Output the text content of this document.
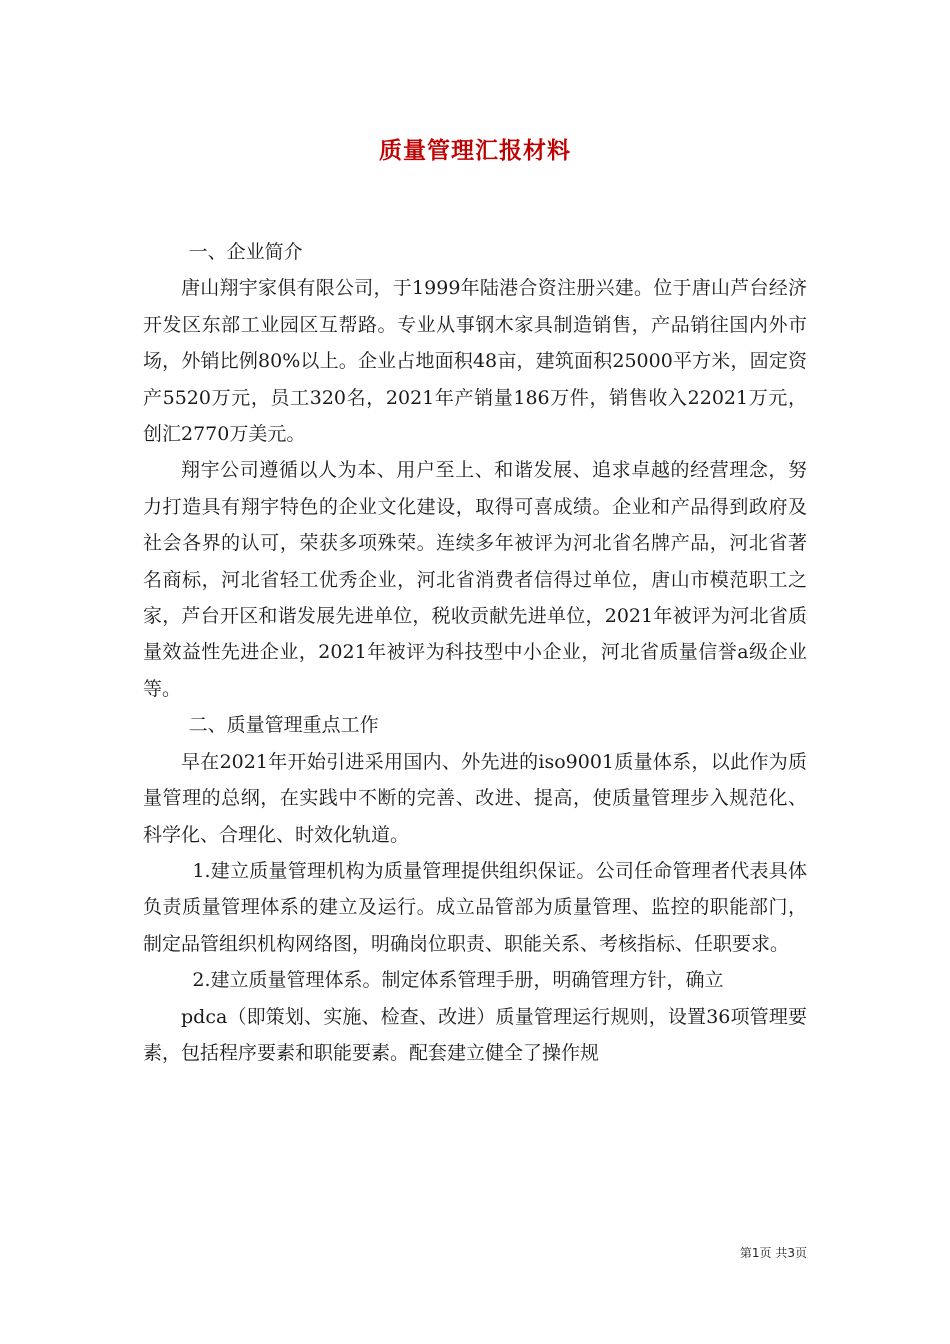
质量管理汇报材料

一、企业简介

唐山翔宇家俱有限公司，于1999年陆港合资注册兴建。位于唐山芦台经济开发区东部工业园区互帮路。专业从事钢木家具制造销售，产品销往国内外市场，外销比例80%以上。企业占地面积48亩，建筑面积25000平方米，固定资产5520万元，员工320名，2021年产销量186万件，销售收入22021万元，创汇2770万美元。

翔宇公司遵循以人为本、用户至上、和谐发展、追求卓越的经营理念，努力打造具有翔宇特色的企业文化建设，取得可喜成绩。企业和产品得到政府及社会各界的认可，荣获多项殊荣。连续多年被评为河北省名牌产品，河北省著名商标，河北省轻工优秀企业，河北省消费者信得过单位，唐山市模范职工之家，芦台开区和谐发展先进单位，税收贡献先进单位，2021年被评为河北省质量效益性先进企业，2021年被评为科技型中小企业，河北省质量信誉a级企业等。

二、质量管理重点工作

早在2021年开始引进采用国内、外先进的iso9001质量体系，以此作为质量管理的总纲，在实践中不断的完善、改进、提高，使质量管理步入规范化、科学化、合理化、时效化轨道。

1.建立质量管理机构为质量管理提供组织保证。公司任命管理者代表具体负责质量管理体系的建立及运行。成立品管部为质量管理、监控的职能部门，制定品管组织机构网络图，明确岗位职责、职能关系、考核指标、任职要求。

2.建立质量管理体系。制定体系管理手册，明确管理方针，确立

pdca（即策划、实施、检查、改进）质量管理运行规则，设置36项管理要素，包括程序要素和职能要素。配套建立健全了操作规

第1页 共3页
